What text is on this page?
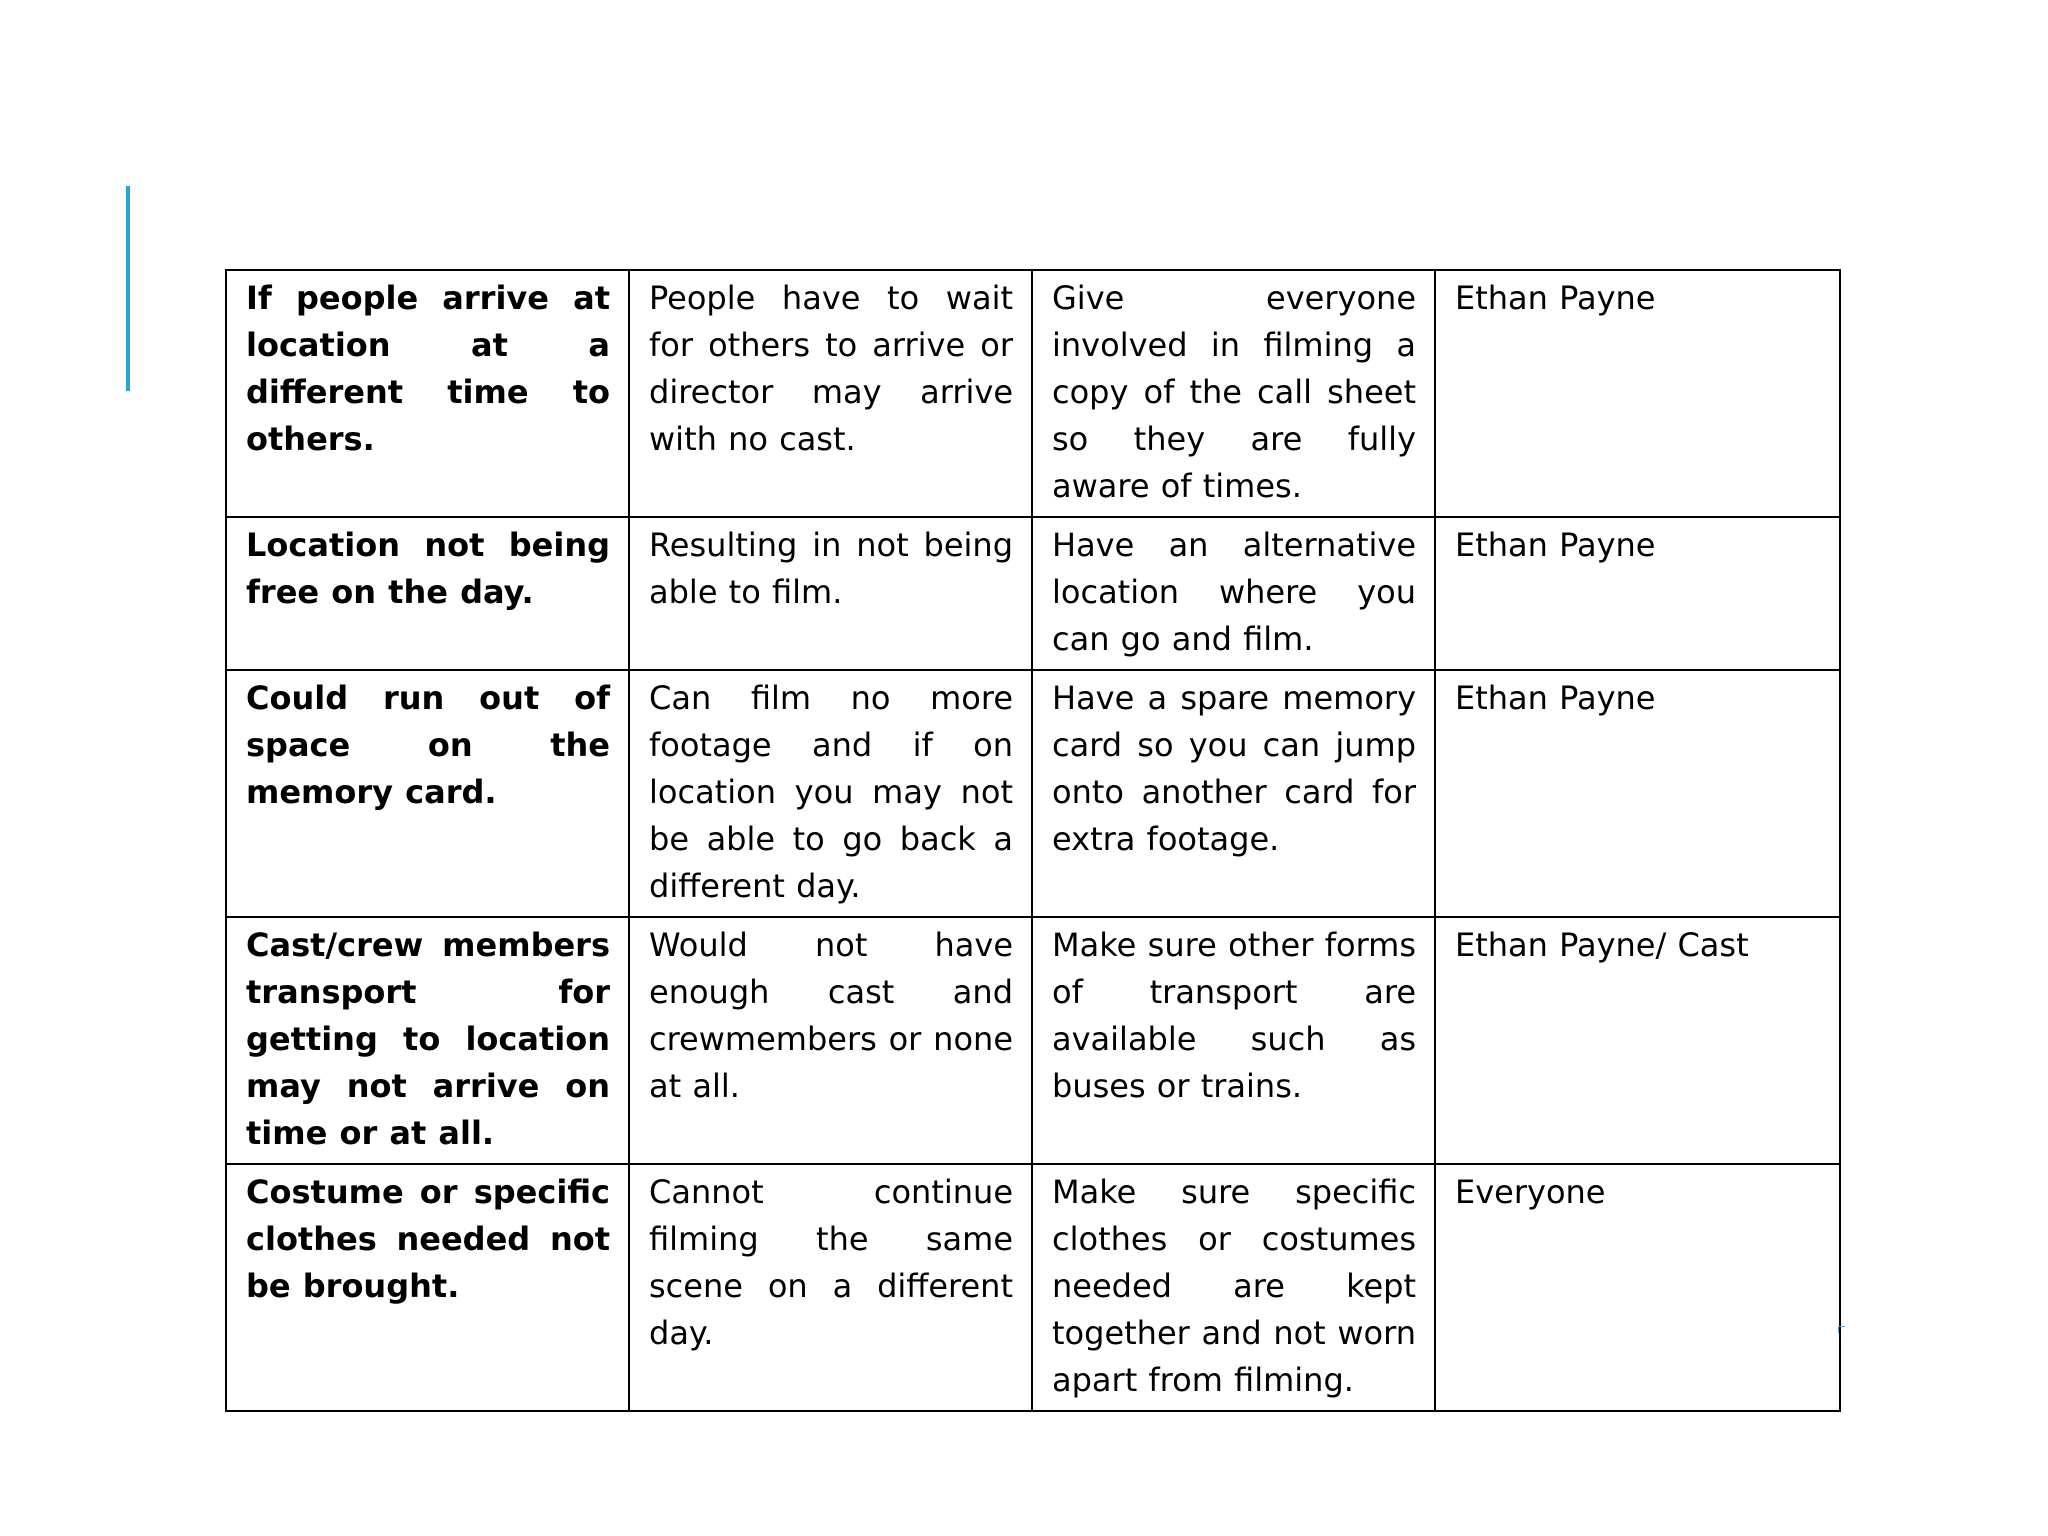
If people arrive at location at a different time to others.	People have to wait for others to arrive or director may arrive with no cast.	Give everyone involved in filming a copy of the call sheet so they are fully aware of times.	Ethan Payne
Location not being free on the day.	Resulting in not being able to film.	Have an alternative location where you can go and film.	Ethan Payne
Could run out of space on the memory card.	Can film no more footage and if on location you may not be able to go back a different day.	Have a spare memory card so you can jump onto another card for extra footage.	Ethan Payne
Cast/crew members transport for getting to location may not arrive on time or at all.	Would not have enough cast and crewmembers or none at all.	Make sure other forms of transport are available such as buses or trains.	Ethan Payne/ Cast
Costume or specific clothes needed not be brought.	Cannot continue filming the same scene on a different day.	Make sure specific clothes or costumes needed are kept together and not worn apart from filming.	Everyone
